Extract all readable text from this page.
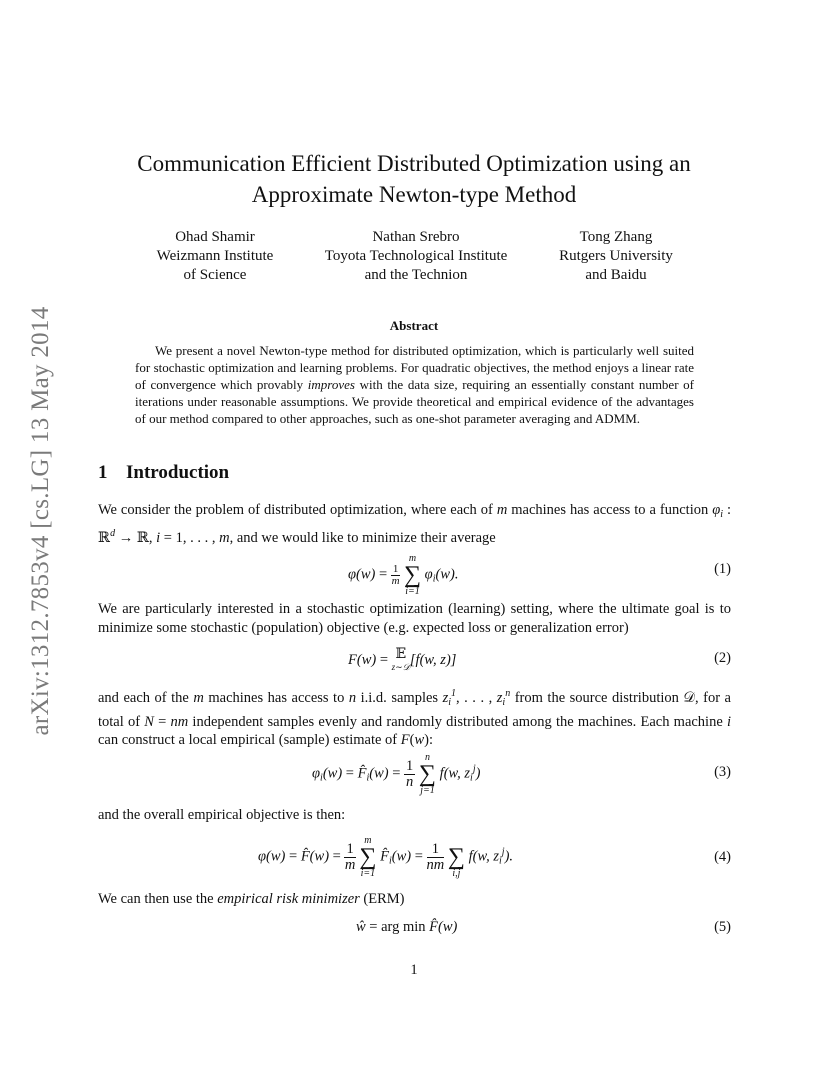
arXiv:1312.7853v4 [cs.LG] 13 May 2014
Communication Efficient Distributed Optimization using an
Approximate Newton-type Method
Ohad Shamir
Weizmann Institute
of Science
Nathan Srebro
Toyota Technological Institute
and the Technion
Tong Zhang
Rutgers University
and Baidu
Abstract

We present a novel Newton-type method for distributed optimization, which is particularly well suited for stochastic optimization and learning problems. For quadratic objectives, the method enjoys a linear rate of convergence which provably improves with the data size, requiring an essentially constant number of iterations under reasonable assumptions. We provide theoretical and empirical evidence of the advantages of our method compared to other approaches, such as one-shot parameter averaging and ADMM.

1 Introduction

We consider the problem of distributed optimization, where each of m machines has access to a function $\varphi_i$ : ℝ$^d$ → ℝ, i = 1, . . . , m, and we would like to minimize their average

$\varphi(w) = \frac{1}{m}$

m
∑
i=1
$\varphi_i(w)$.	(1)

We are particularly interested in a stochastic optimization (learning) setting, where the ultimate goal is to minimize some stochastic (population) objective (e.g. expected loss or generalization error)

F(w) = 𝔼
z∼𝒟 [f(w, z)]	(2)

and each of the m machines has access to n i.i.d. samples $z_i^1$, . . . , $z_i^n$ from the source distribution 𝒟, for a total of N = nm independent samples evenly and randomly distributed among the machines. Each machine i can construct a local empirical (sample) estimate of F(w):

$\varphi_i(w)$ = $F̂_i(w) = \frac{1}{n}$

n
∑
j=1
f(w, $z_i^j$)	(3)

and the overall empirical objective is then:

φ(w) = F̂(w) = $\frac{1}{m}$

m
∑
i=1
$F̂_i(w) = \frac{1}{nm}$

∑
i,j
f(w, $z_i^j$).	(4)

We can then use the empirical risk minimizer (ERM)

ŵ = arg min F̂(w)	(5)
1
